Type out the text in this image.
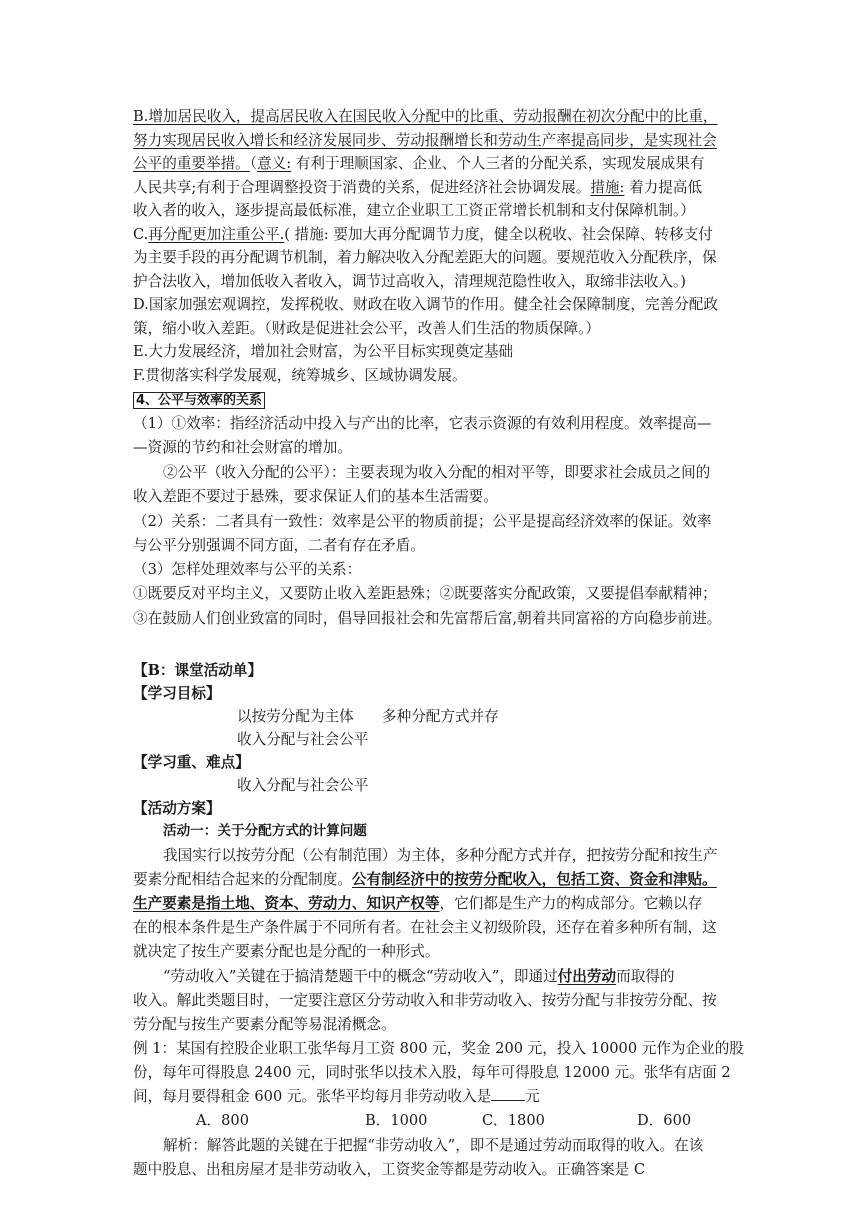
B.增加居民收入，提高居民收入在国民收入分配中的比重、劳动报酬在初次分配中的比重，
努力实现居民收入增长和经济发展同步、劳动报酬增长和劳动生产率提高同步，是实现社会
公平的重要举措。（意义: 有利于理顺国家、企业、个人三者的分配关系，实现发展成果有
人民共享;有利于合理调整投资于消费的关系，促进经济社会协调发展。措施: 着力提高低
收入者的收入，逐步提高最低标准，建立企业职工工资正常增长机制和支付保障机制。）
C.再分配更加注重公平.( 措施: 要加大再分配调节力度，健全以税收、社会保障、转移支付
为主要手段的再分配调节机制，着力解决收入分配差距大的问题。要规范收入分配秩序，保
护合法收入，增加低收入者收入，调节过高收入，清理规范隐性收入，取缔非法收入。)
D.国家加强宏观调控，发挥税收、财政在收入调节的作用。健全社会保障制度，完善分配政
策，缩小收入差距。（财政是促进社会公平，改善人们生活的物质保障。）
E.大力发展经济，增加社会财富，为公平目标实现奠定基础
F.贯彻落实科学发展观，统筹城乡、区域协调发展。
4、公平与效率的关系
（1）①效率：指经济活动中投入与产出的比率，它表示资源的有效利用程度。效率提高—
—资源的节约和社会财富的增加。
②公平（收入分配的公平）：主要表现为收入分配的相对平等，即要求社会成员之间的
收入差距不要过于悬殊，要求保证人们的基本生活需要。
（2）关系：二者具有一致性：效率是公平的物质前提；公平是提高经济效率的保证。效率
与公平分别强调不同方面，二者有存在矛盾。
（3）怎样处理效率与公平的关系：
①既要反对平均主义，又要防止收入差距悬殊；②既要落实分配政策，又要提倡奉献精神；
③在鼓励人们创业致富的同时，倡导回报社会和先富帮后富,朝着共同富裕的方向稳步前进。
【B：课堂活动单】
【学习目标】
以按劳分配为主体 多种分配方式并存
收入分配与社会公平
【学习重、难点】
收入分配与社会公平
【活动方案】
活动一：关于分配方式的计算问题
我国实行以按劳分配（公有制范围）为主体，多种分配方式并存，把按劳分配和按生产
要素分配相结合起来的分配制度。公有制经济中的按劳分配收入，包括工资、资金和津贴。
生产要素是指土地、资本、劳动力、知识产权等，它们都是生产力的构成部分。它赖以存
在的根本条件是生产条件属于不同所有者。在社会主义初级阶段，还存在着多种所有制，这
就决定了按生产要素分配也是分配的一种形式。
“劳动收入”关键在于搞清楚题干中的概念“劳动收入”，即通过付出劳动而取得的
收入。解此类题目时，一定要注意区分劳动收入和非劳动收入、按劳分配与非按劳分配、按
劳分配与按生产要素分配等易混淆概念。
例 1：某国有控股企业职工张华每月工资 800 元，奖金 200 元，投入 10000 元作为企业的股
份，每年可得股息 2400 元，同时张华以技术入股，每年可得股息 12000 元。张华有店面 2
间，每月要得租金 600 元。张华平均每月非劳动收入是 元
A．800	B．1000	C．1800	D．600
解析：解答此题的关键在于把握“非劳动收入”，即不是通过劳动而取得的收入。在该
题中股息、出租房屋才是非劳动收入，工资奖金等都是劳动收入。正确答案是 C
